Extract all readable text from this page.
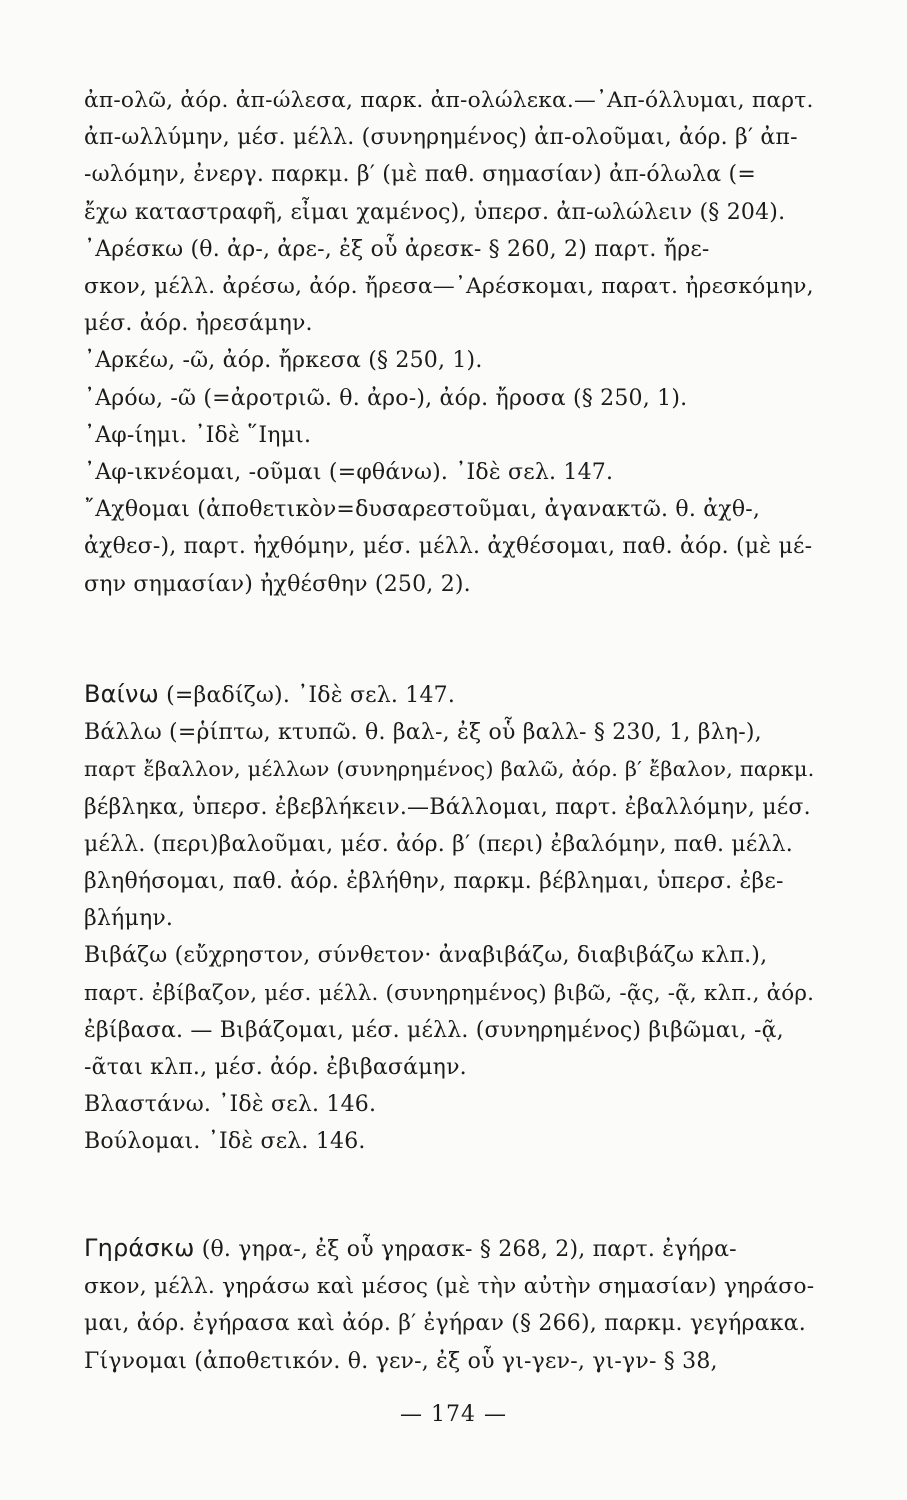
ἀπ-ολῶ, ἀόρ. ἀπ-ώλεσα, παρκ. ἀπ-ολώλεκα.—᾿Απ-όλλυμαι, παρτ.
ἀπ-ωλλύμην, μέσ. μέλλ. (συνηρημένος) ἀπ-ολοῦμαι, ἀόρ. β′ ἀπ-
-ωλόμην, ἐνεργ. παρκμ. β′ (μὲ παθ. σημασίαν) ἀπ-όλωλα (=
ἔχω καταστραφῆ, εἶμαι χαμένος), ὑπερσ. ἀπ-ωλώλειν (§ 204).
᾿Αρέσκω (θ. ἀρ-, ἀρε-, ἐξ οὗ ἀρεσκ- § 260, 2) παρτ. ἤρε-
σκον, μέλλ. ἀρέσω, ἀόρ. ἤρεσα—᾿Αρέσκομαι, παρατ. ἠρεσκόμην,
μέσ. ἀόρ. ἠρεσάμην.
᾿Αρκέω, -ῶ, ἀόρ. ἤρκεσα (§ 250, 1).
᾿Αρόω, -ῶ (=ἀροτριῶ. θ. ἀρο-), ἀόρ. ἤροσα (§ 250, 1).
᾿Αφ-ίημι. ᾿Ιδὲ ῞Ιημι.
᾿Αφ-ικνέομαι, -οῦμαι (=φθάνω). ᾿Ιδὲ σελ. 147.
῎Αχθομαι (ἀποθετικὸν=δυσαρεστοῦμαι, ἀγανακτῶ. θ. ἀχθ-,
ἀχθεσ-), παρτ. ἠχθόμην, μέσ. μέλλ. ἀχθέσομαι, παθ. ἀόρ. (μὲ μέ-
σην σημασίαν) ἠχθέσθην (250, 2).
Βαίνω (=βαδίζω). ᾿Ιδὲ σελ. 147.
Βάλλω (=ῥίπτω, κτυπῶ. θ. βαλ-, ἐξ οὗ βαλλ- § 230, 1, βλη-),
παρτ ἔβαλλον, μέλλων (συνηρημένος) βαλῶ, ἀόρ. β′ ἔβαλον, παρκμ.
βέβληκα, ὑπερσ. ἐβεβλήκειν.—Βάλλομαι, παρτ. ἐβαλλόμην, μέσ.
μέλλ. (περι)βαλοῦμαι, μέσ. ἀόρ. β′ (περι) ἐβαλόμην, παθ. μέλλ.
βληθήσομαι, παθ. ἀόρ. ἐβλήθην, παρκμ. βέβλημαι, ὑπερσ. ἐβε-
βλήμην.
Βιβάζω (εὔχρηστον, σύνθετον· ἀναβιβάζω, διαβιβάζω κλπ.),
παρτ. ἐβίβαζον, μέσ. μέλλ. (συνηρημένος) βιβῶ, -ᾷς, -ᾷ, κλπ., ἀόρ.
ἐβίβασα. — Βιβάζομαι, μέσ. μέλλ. (συνηρημένος) βιβῶμαι, -ᾷ,
-ᾶται κλπ., μέσ. ἀόρ. ἐβιβασάμην.
Βλαστάνω. ᾿Ιδὲ σελ. 146.
Βούλομαι. ᾿Ιδὲ σελ. 146.
Γηράσκω (θ. γηρα-, ἐξ οὗ γηρασκ- § 268, 2), παρτ. ἐγήρα-
σκον, μέλλ. γηράσω καὶ μέσος (μὲ τὴν αὐτὴν σημασίαν) γηράσο-
μαι, ἀόρ. ἐγήρασα καὶ ἀόρ. β′ ἐγήραν (§ 266), παρκμ. γεγήρακα.
Γίγνομαι (ἀποθετικόν. θ. γεν-, ἐξ οὗ γι-γεν-, γι-γν- § 38,
— 174 —
